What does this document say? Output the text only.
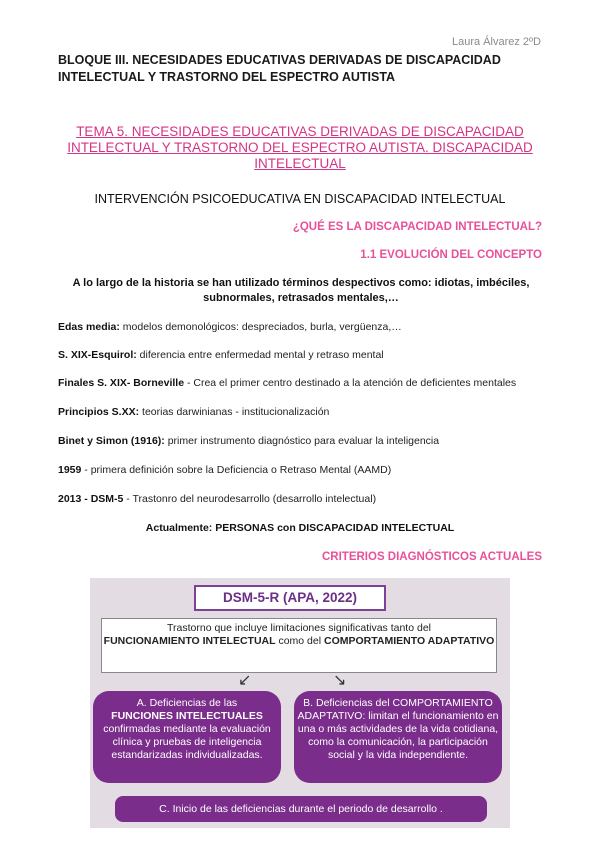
Laura Álvarez 2ºD
BLOQUE III. NECESIDADES EDUCATIVAS DERIVADAS DE DISCAPACIDAD INTELECTUAL Y TRASTORNO DEL ESPECTRO AUTISTA
TEMA 5. NECESIDADES EDUCATIVAS DERIVADAS DE DISCAPACIDAD INTELECTUAL Y TRASTORNO DEL ESPECTRO AUTISTA. DISCAPACIDAD INTELECTUAL
INTERVENCIÓN PSICOEDUCATIVA EN DISCAPACIDAD INTELECTUAL
¿QUÉ ES LA DISCAPACIDAD INTELECTUAL?
1.1 EVOLUCIÓN DEL CONCEPTO
A lo largo de la historia se han utilizado términos despectivos como: idiotas, imbéciles, subnormales, retrasados mentales,…
Edas media: modelos demonológicos: despreciados, burla, vergüenza,…
S. XIX-Esquirol: diferencia entre enfermedad mental y retraso mental
Finales S. XIX- Borneville - Crea el primer centro destinado a la atención de deficientes mentales
Principios S.XX: teorias darwinianas - institucionalización
Binet y Simon (1916): primer instrumento diagnóstico para evaluar la inteligencia
1959 - primera definición sobre la Deficiencia o Retraso Mental (AAMD)
2013 - DSM-5 - Trastonro del neurodesarrollo (desarrollo intelectual)
Actualmente: PERSONAS con DISCAPACIDAD INTELECTUAL
CRITERIOS DIAGNÓSTICOS ACTUALES
DSM-5-R (APA, 2022)
Trastorno que incluye limitaciones significativas tanto del
FUNCIONAMIENTO INTELECTUAL como del COMPORTAMIENTO ADAPTATIVO
↙	↘
A. Deficiencias de las
FUNCIONES INTELECTUALES
confirmadas mediante la evaluación clínica y pruebas de inteligencia estandarizadas individualizadas.
B. Deficiencias del COMPORTAMIENTO ADAPTATIVO: limitan el funcionamiento en una o más actividades de la vida cotidiana, como la comunicación, la participación social y la vida independiente.
C. Inicio de las deficiencias durante el periodo de desarrollo .
